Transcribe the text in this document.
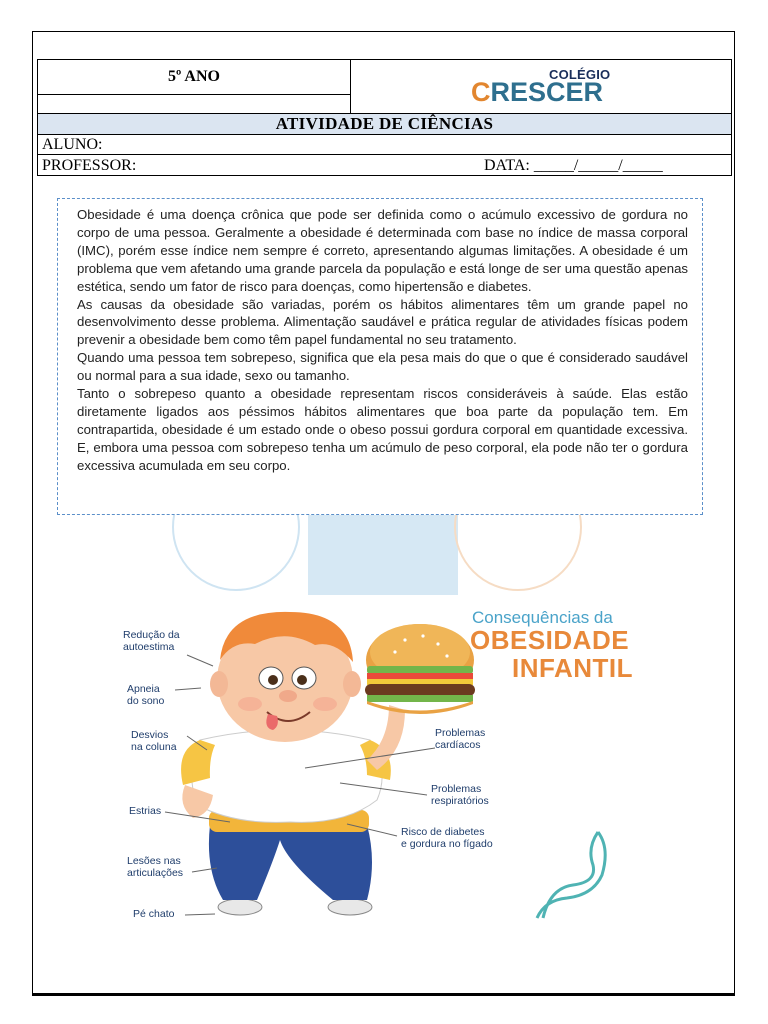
5º ANO	COLÉGIO
CRESCER
ATIVIDADE DE CIÊNCIAS
ALUNO:
PROFESSOR:	DATA: _____/_____/_____

Obesidade é uma doença crônica que pode ser definida como o acúmulo excessivo de gordura no corpo de uma pessoa. Geralmente a obesidade é determinada com base no índice de massa corporal (IMC), porém esse índice nem sempre é correto, apresentando algumas limitações. A obesidade é um problema que vem afetando uma grande parcela da população e está longe de ser uma questão apenas estética, sendo um fator de risco para doenças, como hipertensão e diabetes.

As causas da obesidade são variadas, porém os hábitos alimentares têm um grande papel no desenvolvimento desse problema. Alimentação saudável e prática regular de atividades físicas podem prevenir a obesidade bem como têm papel fundamental no seu tratamento.

Quando uma pessoa tem sobrepeso, significa que ela pesa mais do que o que é considerado saudável ou normal para a sua idade, sexo ou tamanho.

Tanto o sobrepeso quanto a obesidade representam riscos consideráveis à saúde. Elas estão diretamente ligados aos péssimos hábitos alimentares que boa parte da população tem. Em contrapartida, obesidade é um estado onde o obeso possui gordura corporal em quantidade excessiva. E, embora uma pessoa com sobrepeso tenha um acúmulo de peso corporal, ela pode não ter o gordura excessiva acumulada em seu corpo.

Consequências da
OBESIDADE
INFANTIL
Redução da
autoestima
Apneia
do sono
Desvios
na coluna
Estrias
Lesões nas
articulações
Pé chato
Problemas
cardíacos
Problemas
respiratórios
Risco de diabetes
e gordura no fígado
